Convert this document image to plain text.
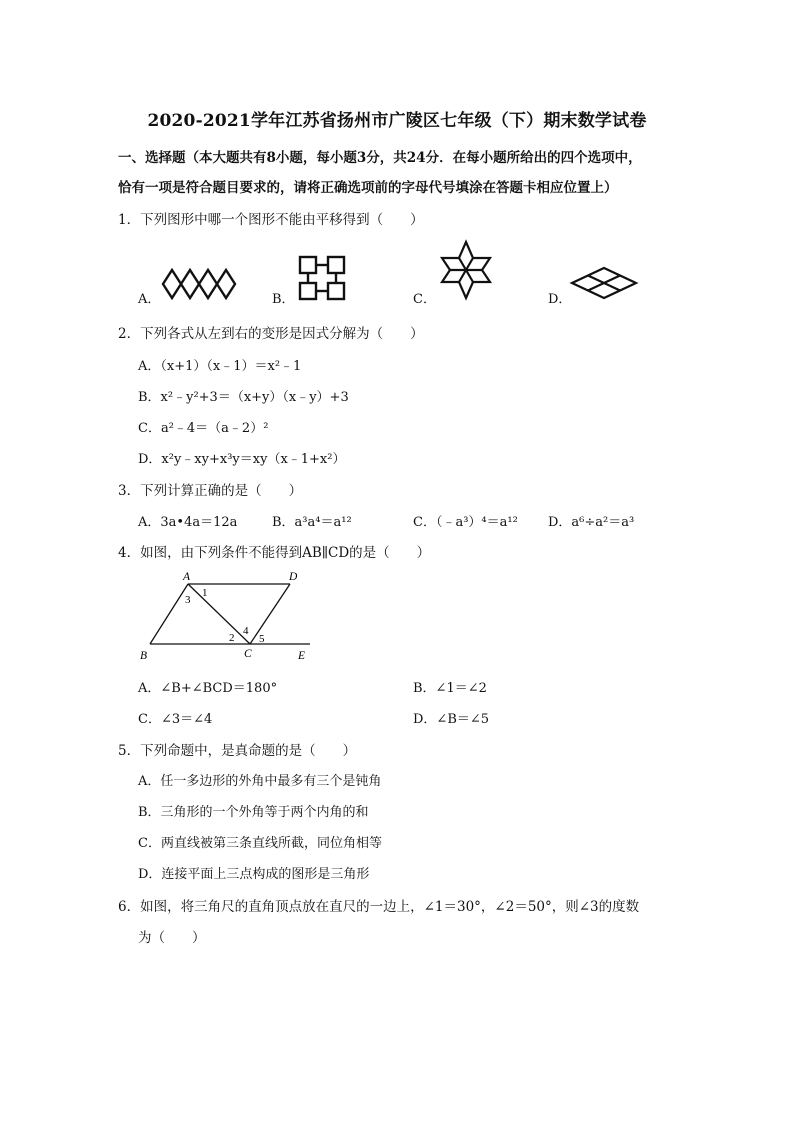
2020-2021学年江苏省扬州市广陵区七年级（下）期末数学试卷
一、选择题（本大题共有8小题，每小题3分，共24分．在每小题所给出的四个选项中，
恰有一项是符合题目要求的，请将正确选项前的字母代号填涂在答题卡相应位置上）
1．下列图形中哪一个图形不能由平移得到（　　）
A．	B．	C．	D．
2．下列各式从左到右的变形是因式分解为（　　）
A．（x+1）（x﹣1）＝x²﹣1
B．x²﹣y²+3＝（x+y）（x﹣y）+3
C．a²﹣4＝（a﹣2）²
D．x²y﹣xy+x³y＝xy（x﹣1+x²）
3．下列计算正确的是（　　）
A．3a•4a＝12a	B．a³a⁴＝a¹²	C．（﹣a³）⁴＝a¹² D．a⁶÷a²＝a³
4．如图，由下列条件不能得到AB∥CD的是（　　）
A	D
B	C	E
1
2
3
4
5
A．∠B+∠BCD＝180°	B．∠1＝∠2
C．∠3＝∠4	D．∠B＝∠5
5．下列命题中，是真命题的是（　　）
A．任一多边形的外角中最多有三个是钝角
B．三角形的一个外角等于两个内角的和
C．两直线被第三条直线所截，同位角相等
D．连接平面上三点构成的图形是三角形
6．如图，将三角尺的直角顶点放在直尺的一边上，∠1＝30°，∠2＝50°，则∠3的度数
为（　　）
